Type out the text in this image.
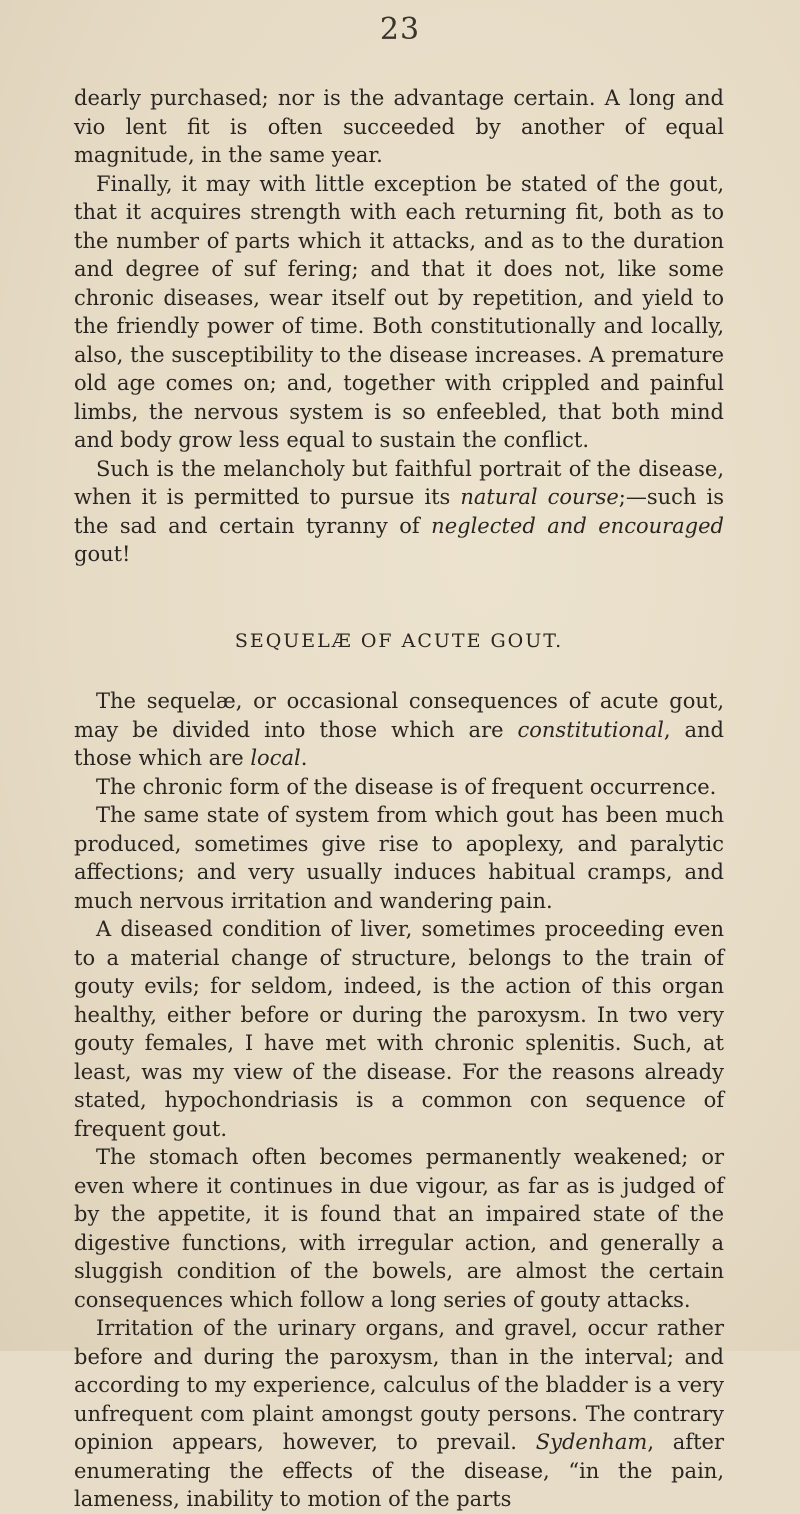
23

dearly purchased; nor is the advantage certain. A long and vio lent fit is often succeeded by another of equal magnitude, in the same year.

Finally, it may with little exception be stated of the gout, that it acquires strength with each returning fit, both as to the number of parts which it attacks, and as to the duration and degree of suf fering; and that it does not, like some chronic diseases, wear itself out by repetition, and yield to the friendly power of time. Both constitutionally and locally, also, the susceptibility to the disease increases. A premature old age comes on; and, together with crippled and painful limbs, the nervous system is so enfeebled, that both mind and body grow less equal to sustain the conflict.

Such is the melancholy but faithful portrait of the disease, when it is permitted to pursue its natural course;—such is the sad and certain tyranny of neglected and encouraged gout!

SEQUELÆ OF ACUTE GOUT.

The sequelæ, or occasional consequences of acute gout, may be divided into those which are constitutional, and those which are local.

The chronic form of the disease is of frequent occurrence.

The same state of system from which gout has been much produced, sometimes give rise to apoplexy, and paralytic affections; and very usually induces habitual cramps, and much nervous irritation and wandering pain.

A diseased condition of liver, sometimes proceeding even to a material change of structure, belongs to the train of gouty evils; for seldom, indeed, is the action of this organ healthy, either before or during the paroxysm. In two very gouty females, I have met with chronic splenitis. Such, at least, was my view of the disease. For the reasons already stated, hypochondriasis is a common con sequence of frequent gout.

The stomach often becomes permanently weakened; or even where it continues in due vigour, as far as is judged of by the appetite, it is found that an impaired state of the digestive functions, with irregular action, and generally a sluggish condition of the bowels, are almost the certain consequences which follow a long series of gouty attacks.

Irritation of the urinary organs, and gravel, occur rather before and during the paroxysm, than in the interval; and according to my experience, calculus of the bladder is a very unfrequent com plaint amongst gouty persons. The contrary opinion appears, however, to prevail. Sydenham, after enumerating the effects of the disease, “in the pain, lameness, inability to motion of the parts
